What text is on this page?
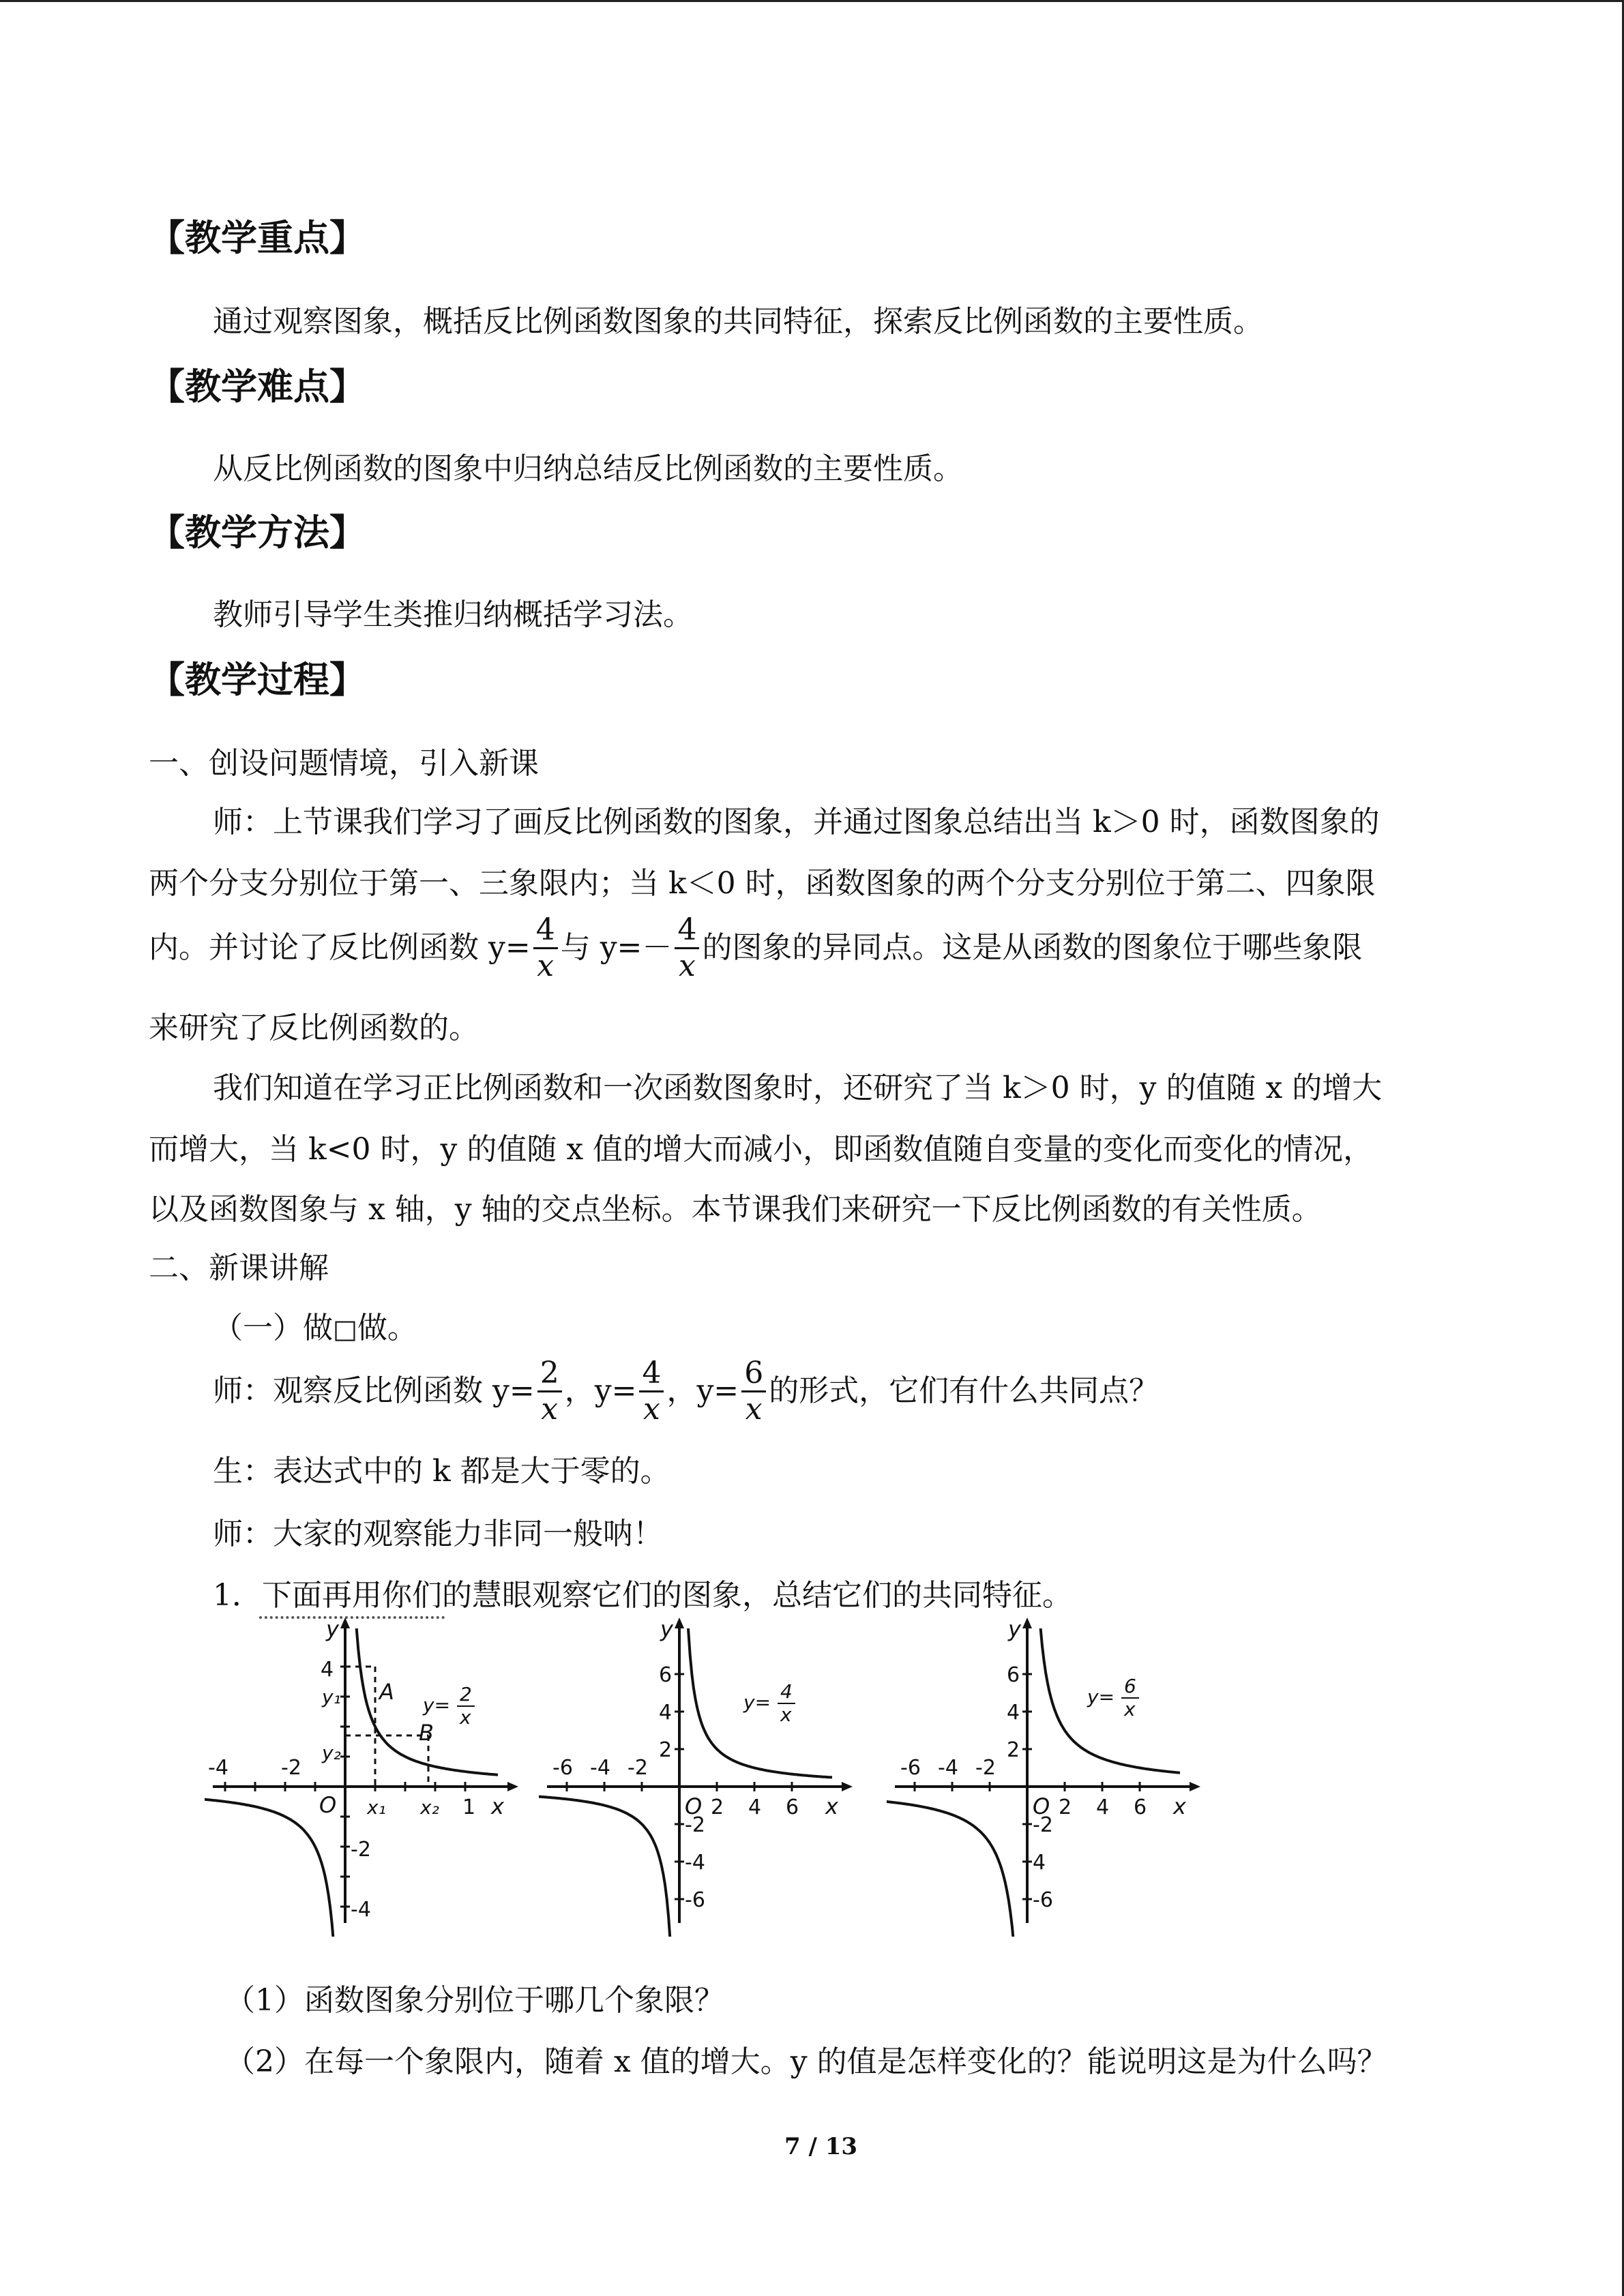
【教学重点】
通过观察图象，概括反比例函数图象的共同特征，探索反比例函数的主要性质。
【教学难点】
从反比例函数的图象中归纳总结反比例函数的主要性质。
【教学方法】
教师引导学生类推归纳概括学习法。
【教学过程】
一、创设问题情境，引入新课
师：上节课我们学习了画反比例函数的图象，并通过图象总结出当 k＞0 时，函数图象的
两个分支分别位于第一、三象限内；当 k＜0 时，函数图象的两个分支分别位于第二、四象限
内。并讨论了反比例函数 $y= \frac{4}{x}$ 与 $y=- \frac{4}{x}$ 的图象的异同点。这是从函数的图象位于哪些象限
来研究了反比例函数的。
我们知道在学习正比例函数和一次函数图象时，还研究了当 k＞0 时，y 的值随 x 的增大
而增大，当 k<0 时，y 的值随 x 值的增大而减小，即函数值随自变量的变化而变化的情况，
以及函数图象与 x 轴，y 轴的交点坐标。本节课我们来研究一下反比例函数的有关性质。
二、新课讲解
（一）做□做。
师：观察反比例函数 $y= \frac{2}{x}$ ，$y= \frac{4}{x}$ ，$y= \frac{6}{x}$ 的形式，它们有什么共同点？
生：表达式中的 k 都是大于零的。
师：大家的观察能力非同一般呐！
1．下面再用你们的慧眼观察它们的图象，总结它们的共同特征。
-4	-2
1
4
-2
-4
x₁ x₂
y₁
y₂
A
B
O	x
y
y= 2
x
-6 -4 -2
2 4 6
6
4
2
-2
-4
-6
O	x
y
y= 4
x
-6 -4 -2
2 4 6
6
4
2
-2
4
-6
O	x
y
y= 6
x
（1）函数图象分别位于哪几个象限？
（2）在每一个象限内，随着 x 值的增大。y 的值是怎样变化的？能说明这是为什么吗？
7 / 13
